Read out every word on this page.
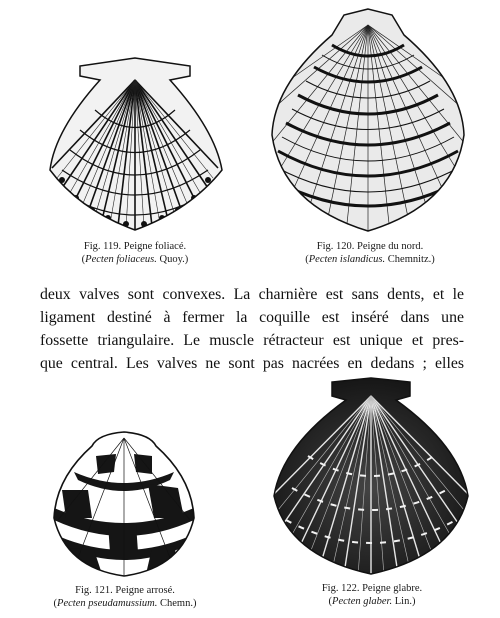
Fig. 119. Peigne foliacé.
(Pecten foliaceus. Quoy.)
Fig. 120. Peigne du nord.
(Pecten islandicus. Chemnitz.)
deux valves sont convexes. La charnière est sans dents, et le
ligament destiné à fermer la coquille est inséré dans une
fossette triangulaire. Le muscle rétracteur est unique et pres-
que central. Les valves ne sont pas nacrées en dedans ; elles
Fig. 121. Peigne arrosé.
(Pecten pseudamussium. Chemn.)
Fig. 122. Peigne glabre.
(Pecten glaber. Lin.)
